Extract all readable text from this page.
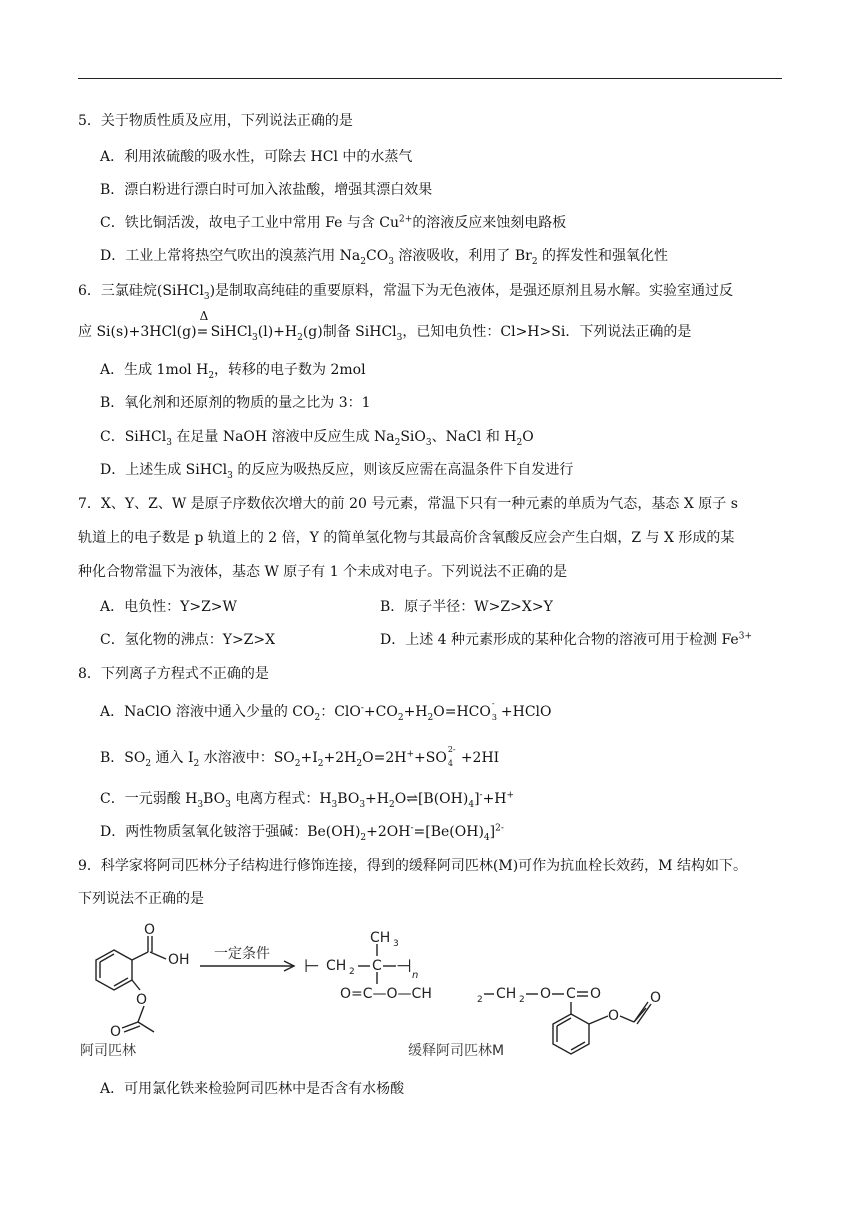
5．关于物质性质及应用，下列说法正确的是
A．利用浓硫酸的吸水性，可除去 HCl 中的水蒸气
B．漂白粉进行漂白时可加入浓盐酸，增强其漂白效果
C．铁比铜活泼，故电子工业中常用 Fe 与含 $Cu^{2+}$的溶液反应来蚀刻电路板
D．工业上常将热空气吹出的溴蒸汽用 $Na_2CO_3$ 溶液吸收，利用了 $Br_2$ 的挥发性和强氧化性
6．三氯硅烷(SiHCl$_3$)是制取高纯硅的重要原料，常温下为无色液体，是强还原剂且易水解。实验室通过反
应 Si(s)+3HCl(g)
Δ
= $SiHCl_3(l)+H_2(g)$制备 SiHCl$_3$，已知电负性：Cl>H>Si．下列说法正确的是
A．生成 1mol $H_2$，转移的电子数为 2mol
B．氧化剂和还原剂的物质的量之比为 3：1
C．SiHCl$_3$ 在足量 NaOH 溶液中反应生成 $Na_2SiO_3$、NaCl 和 $H_2O$
D．上述生成 SiHCl$_3$ 的反应为吸热反应，则该反应需在高温条件下自发进行
7．X、Y、Z、W 是原子序数依次增大的前 20 号元素，常温下只有一种元素的单质为气态，基态 X 原子 s
轨道上的电子数是 p 轨道上的 2 倍，Y 的简单氢化物与其最高价含氧酸反应会产生白烟，Z 与 X 形成的某
种化合物常温下为液体，基态 W 原子有 1 个未成对电子。下列说法不正确的是
A．电负性：Y>Z>W	B．原子半径：W>Z>X>Y
C．氢化物的沸点：Y>Z>X	D．上述 4 种元素形成的某种化合物的溶液可用于检测 $Fe^{3+}$
8．下列离子方程式不正确的是
A．NaClO 溶液中通入少量的 $CO_2$：$ClO^-+CO_2+H_2O=HCO$
-
3 +HClO
B．$SO_2$ 通入 $I_2$ 水溶液中：$SO_2+I_2+2H_2O=2H^++SO$
2-
4 +2HI
C．一元弱酸 $H_3BO_3$ 电离方程式：$H_3BO_3+H_2O\rightleftharpoons[B(OH)_4]^-+H^+$
D．两性物质氢氧化铍溶于强碱：$Be(OH)_2+2OH^-=[Be(OH)_4]^{2-}$
9．科学家将阿司匹林分子结构进行修饰连接，得到的缓释阿司匹林(M)可作为抗血栓长效药，M 结构如下。
下列说法不正确的是
O
OH
O
O
一定条件
⊢ CH 2 C
CH 3
⊣ n
O=C—O—CH	2 CH 2 O C O
O
O
阿司匹林	缓释阿司匹林M
A．可用氯化铁来检验阿司匹林中是否含有水杨酸
